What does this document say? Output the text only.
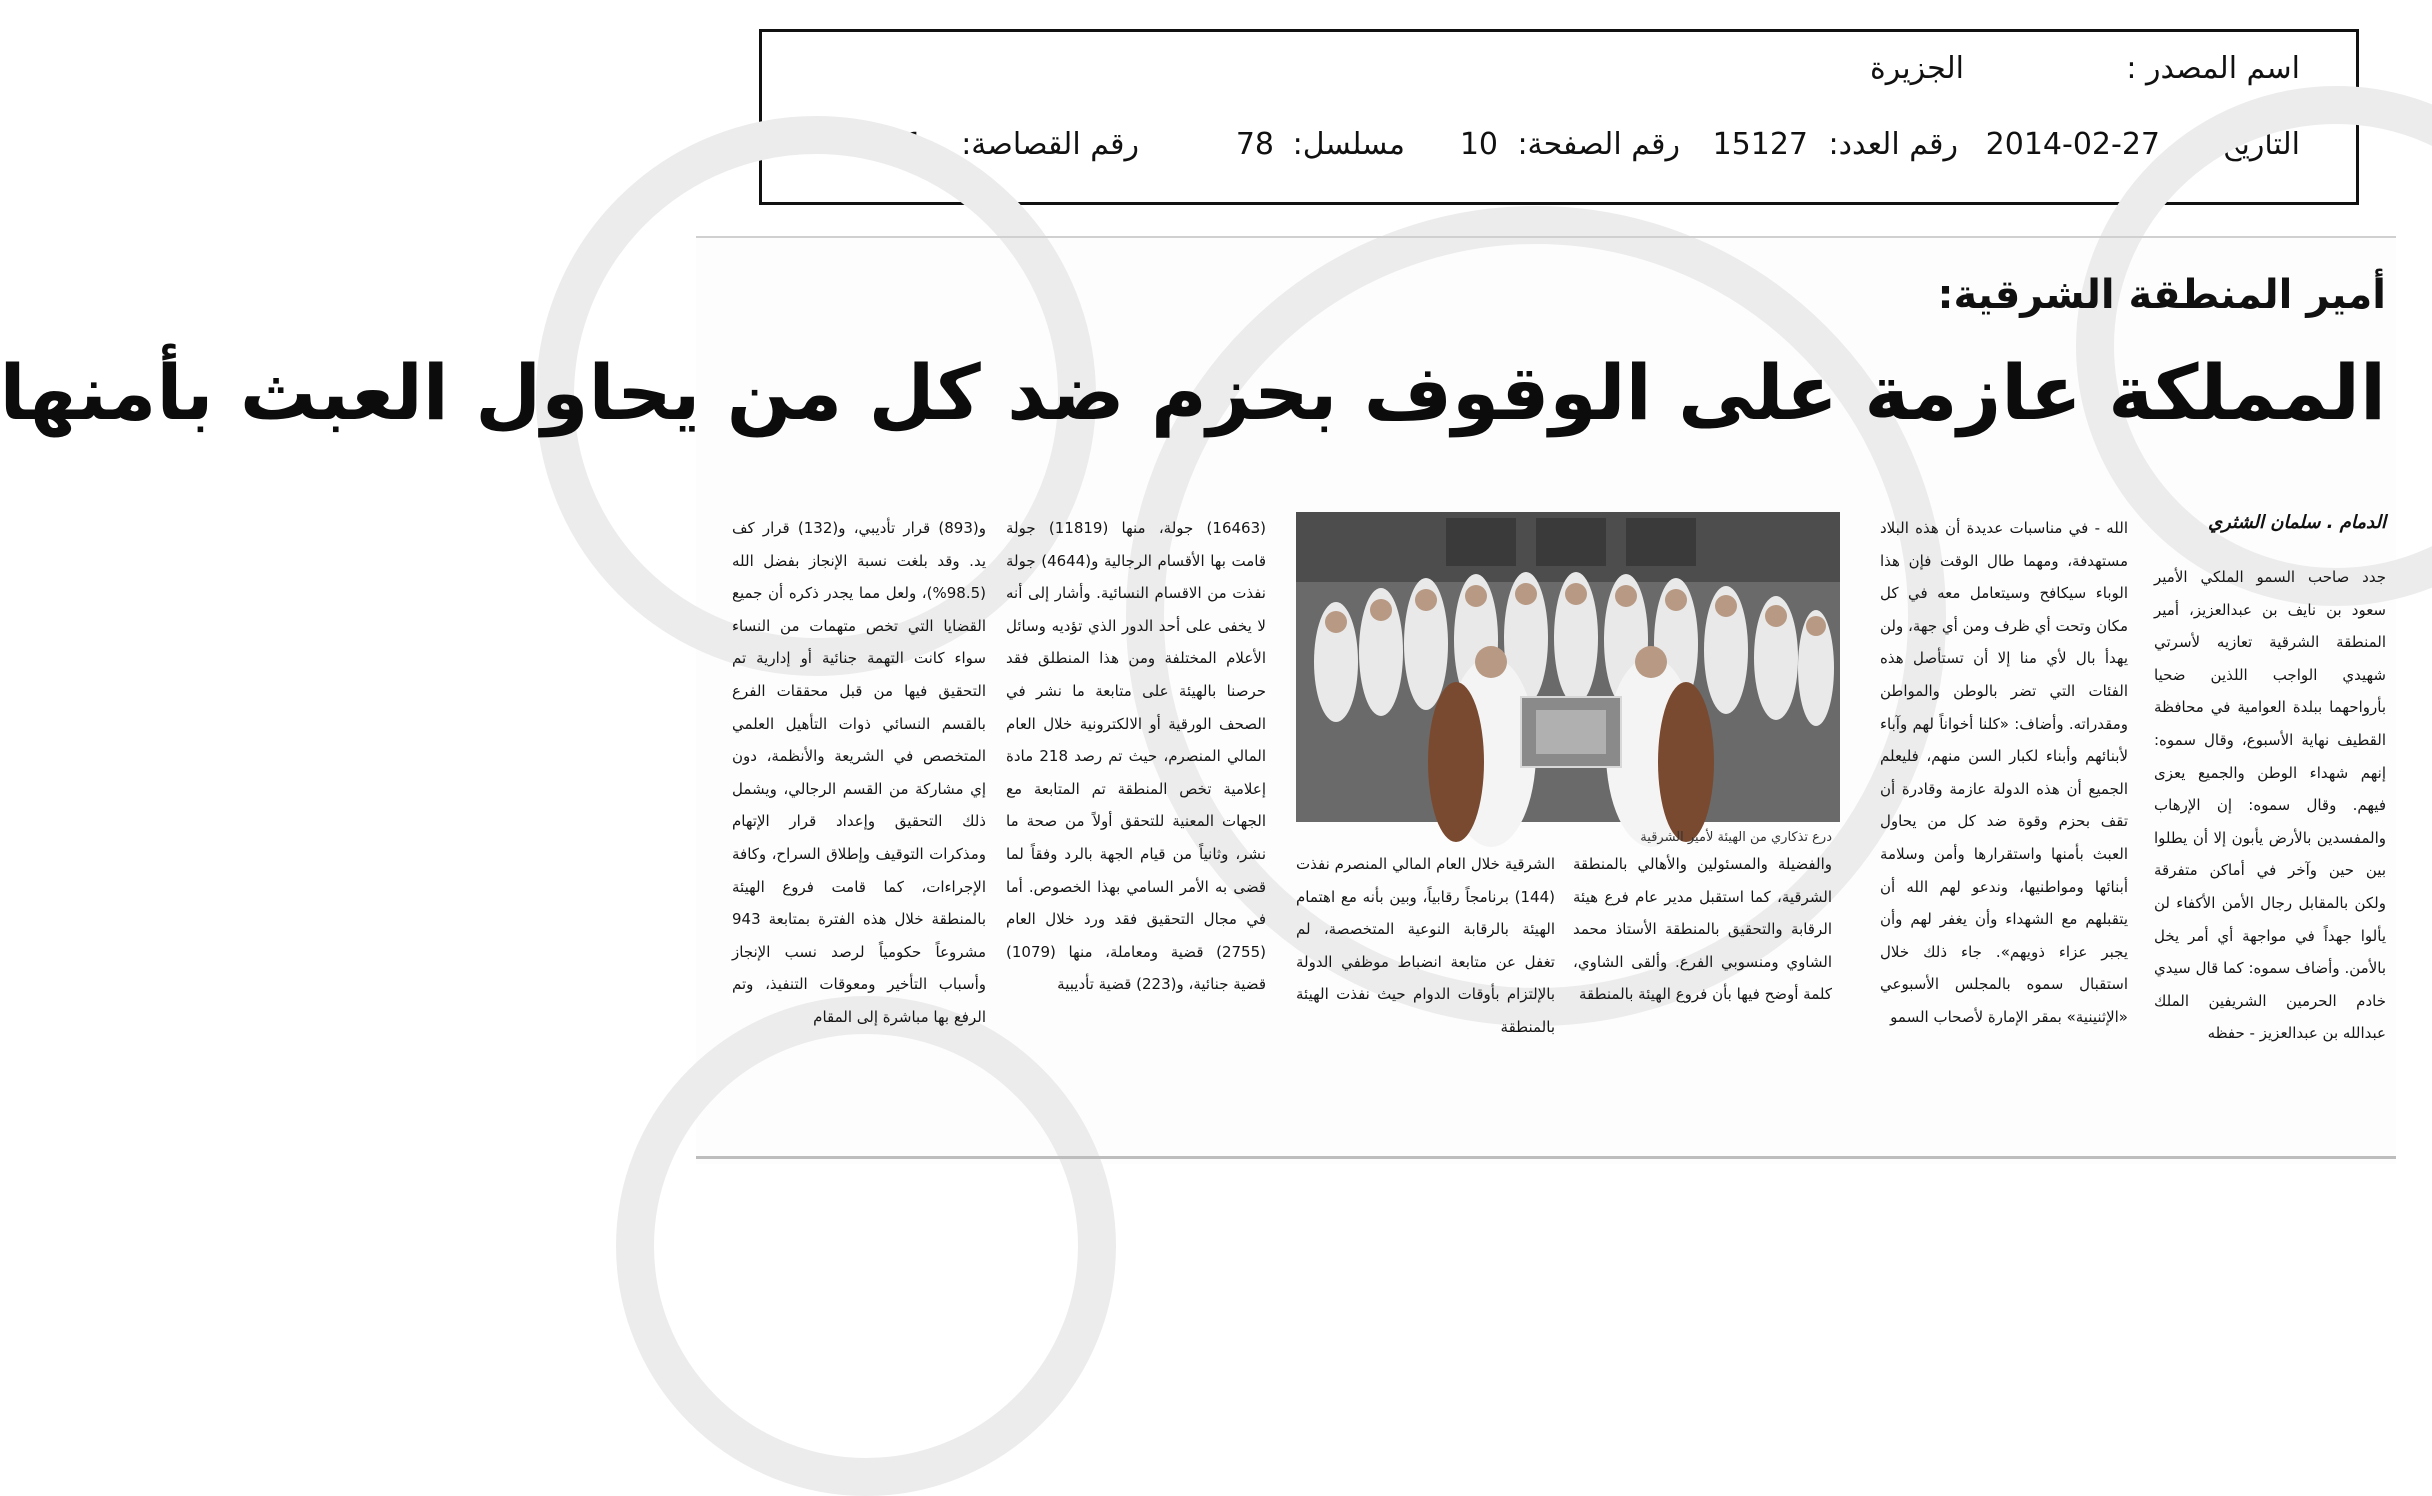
اسم المصدر :
الجزيرة
التاريخ:
2014-02-27
رقم العدد:
15127
رقم الصفحة:
10
مسلسل:
78
رقم القصاصة:
1
أمير المنطقة الشرقية:
المملكة عازمة على الوقوف بحزم ضد كل من يحاول العبث بأمنها
الدمام . سلمان الشثري
جدد صاحب السمو الملكي الأمير سعود بن نايف بن عبدالعزيز، أمير المنطقة الشرقية تعازيه لأسرتي شهيدي الواجب اللذين ضحيا بأرواحهما ببلدة العوامية في محافظة القطيف نهاية الأسبوع، وقال سموه: إنهم شهداء الوطن والجميع يعزى فيهم. وقال سموه: إن الإرهاب والمفسدين بالأرض يأبون إلا أن يطلوا بين حين وآخر في أماكن متفرقة ولكن بالمقابل رجال الأمن الأكفاء لن يألوا جهداً في مواجهة أي أمر يخل بالأمن. وأضاف سموه: كما قال سيدي خادم الحرمين الشريفين الملك عبدالله بن عبدالعزيز - حفظه
الله - في مناسبات عديدة أن هذه البلاد مستهدفة، ومهما طال الوقت فإن هذا الوباء سيكافح وسيتعامل معه في كل مكان وتحت أي ظرف ومن أي جهة، ولن يهدأ بال لأي منا إلا أن تستأصل هذه الفئات التي تضر بالوطن والمواطن ومقدراته. وأضاف: «كلنا أخواناً لهم وآباء لأبنائهم وأبناء لكبار السن منهم، فليعلم الجميع أن هذه الدولة عازمة وقادرة أن تقف بحزم وقوة ضد كل من يحاول العبث بأمنها واستقرارها وأمن وسلامة أبنائها ومواطنيها، وندعو لهم الله أن يتقبلهم مع الشهداء وأن يغفر لهم وأن يجبر عزاء ذويهم». جاء ذلك خلال استقبال سموه بالمجلس الأسبوعي «الإثنينية» بمقر الإمارة لأصحاب السمو
درع تذكاري من الهيئة لأمير الشرقية
والفضيلة والمسئولين والأهالي بالمنطقة الشرقية، كما استقبل مدير عام فرع هيئة الرقابة والتحقيق بالمنطقة الأستاذ محمد الشاوي ومنسوبي الفرع. وألقى الشاوي، كلمة أوضح فيها بأن فروع الهيئة بالمنطقة
الشرقية خلال العام المالي المنصرم نفذت (144) برنامجاً رقابياً، وبين بأنه مع اهتمام الهيئة بالرقابة النوعية المتخصصة، لم تغفل عن متابعة انضباط موظفي الدولة بالإلتزام بأوقات الدوام حيث نفذت الهيئة بالمنطقة
(16463) جولة، منها (11819) جولة قامت بها الأقسام الرجالية و(4644) جولة نفذت من الاقسام النسائية. وأشار إلى أنه لا يخفى على أحد الدور الذي تؤديه وسائل الأعلام المختلفة ومن هذا المنطلق فقد حرصنا بالهيئة على متابعة ما نشر في الصحف الورقية أو الالكترونية خلال العام المالي المنصرم، حيث تم رصد 218 مادة إعلامية تخص المنطقة تم المتابعة مع الجهات المعنية للتحقق أولاً من صحة ما نشر، وثانياً من قيام الجهة بالرد وفقاً لما قضى به الأمر السامي بهذا الخصوص. أما في مجال التحقيق فقد ورد خلال العام (2755) قضية ومعاملة، منها (1079) قضية جنائية، و(223) قضية تأديبية
و(893) قرار تأديبي، و(132) قرار كف يد. وقد بلغت نسبة الإنجاز بفضل الله (98.5%)، ولعل مما يجدر ذكره أن جميع القضايا التي تخص متهمات من النساء سواء كانت التهمة جنائية أو إدارية تم التحقيق فيها من قبل محققات الفرع بالقسم النسائي ذوات التأهيل العلمي المتخصص في الشريعة والأنظمة، دون إي مشاركة من القسم الرجالي، ويشمل ذلك التحقيق وإعداد قرار الإتهام ومذكرات التوقيف وإطلاق السراح، وكافة الإجراءات، كما قامت فروع الهيئة بالمنطقة خلال هذه الفترة بمتابعة 943 مشروعاً حكومياً لرصد نسب الإنجاز وأسباب التأخير ومعوقات التنفيذ، وتم الرفع بها مباشرة إلى المقام
